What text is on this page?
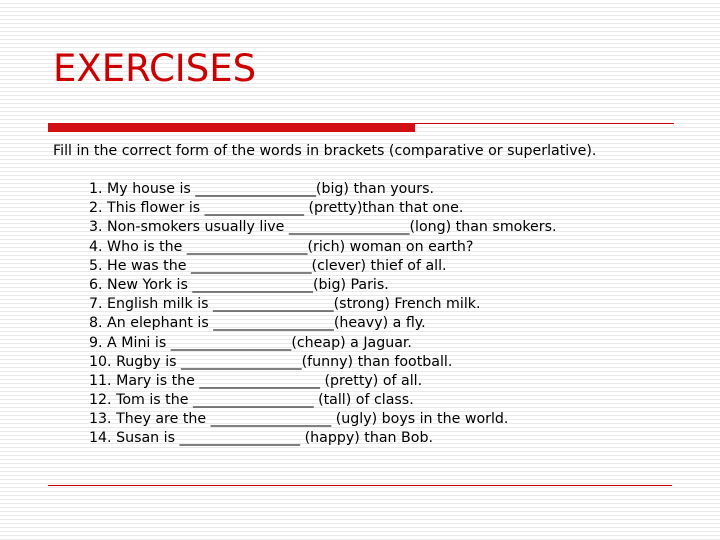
EXERCISES
Fill in the correct form of the words in brackets (comparative or superlative).
1. My house is _________________(big) than yours.
2. This flower is ______________ (pretty)than that one.
3. Non-smokers usually live _________________(long) than smokers.
4. Who is the _________________(rich) woman on earth?
5. He was the _________________(clever) thief of all.
6. New York is _________________(big) Paris.
7. English milk is _________________(strong) French milk.
8. An elephant is _________________(heavy) a fly.
9. A Mini is _________________(cheap) a Jaguar.
10. Rugby is _________________(funny) than football.
11. Mary is the _________________ (pretty) of all.
12. Tom is the _________________ (tall) of class.
13. They are the _________________ (ugly) boys in the world.
14. Susan is _________________ (happy) than Bob.
